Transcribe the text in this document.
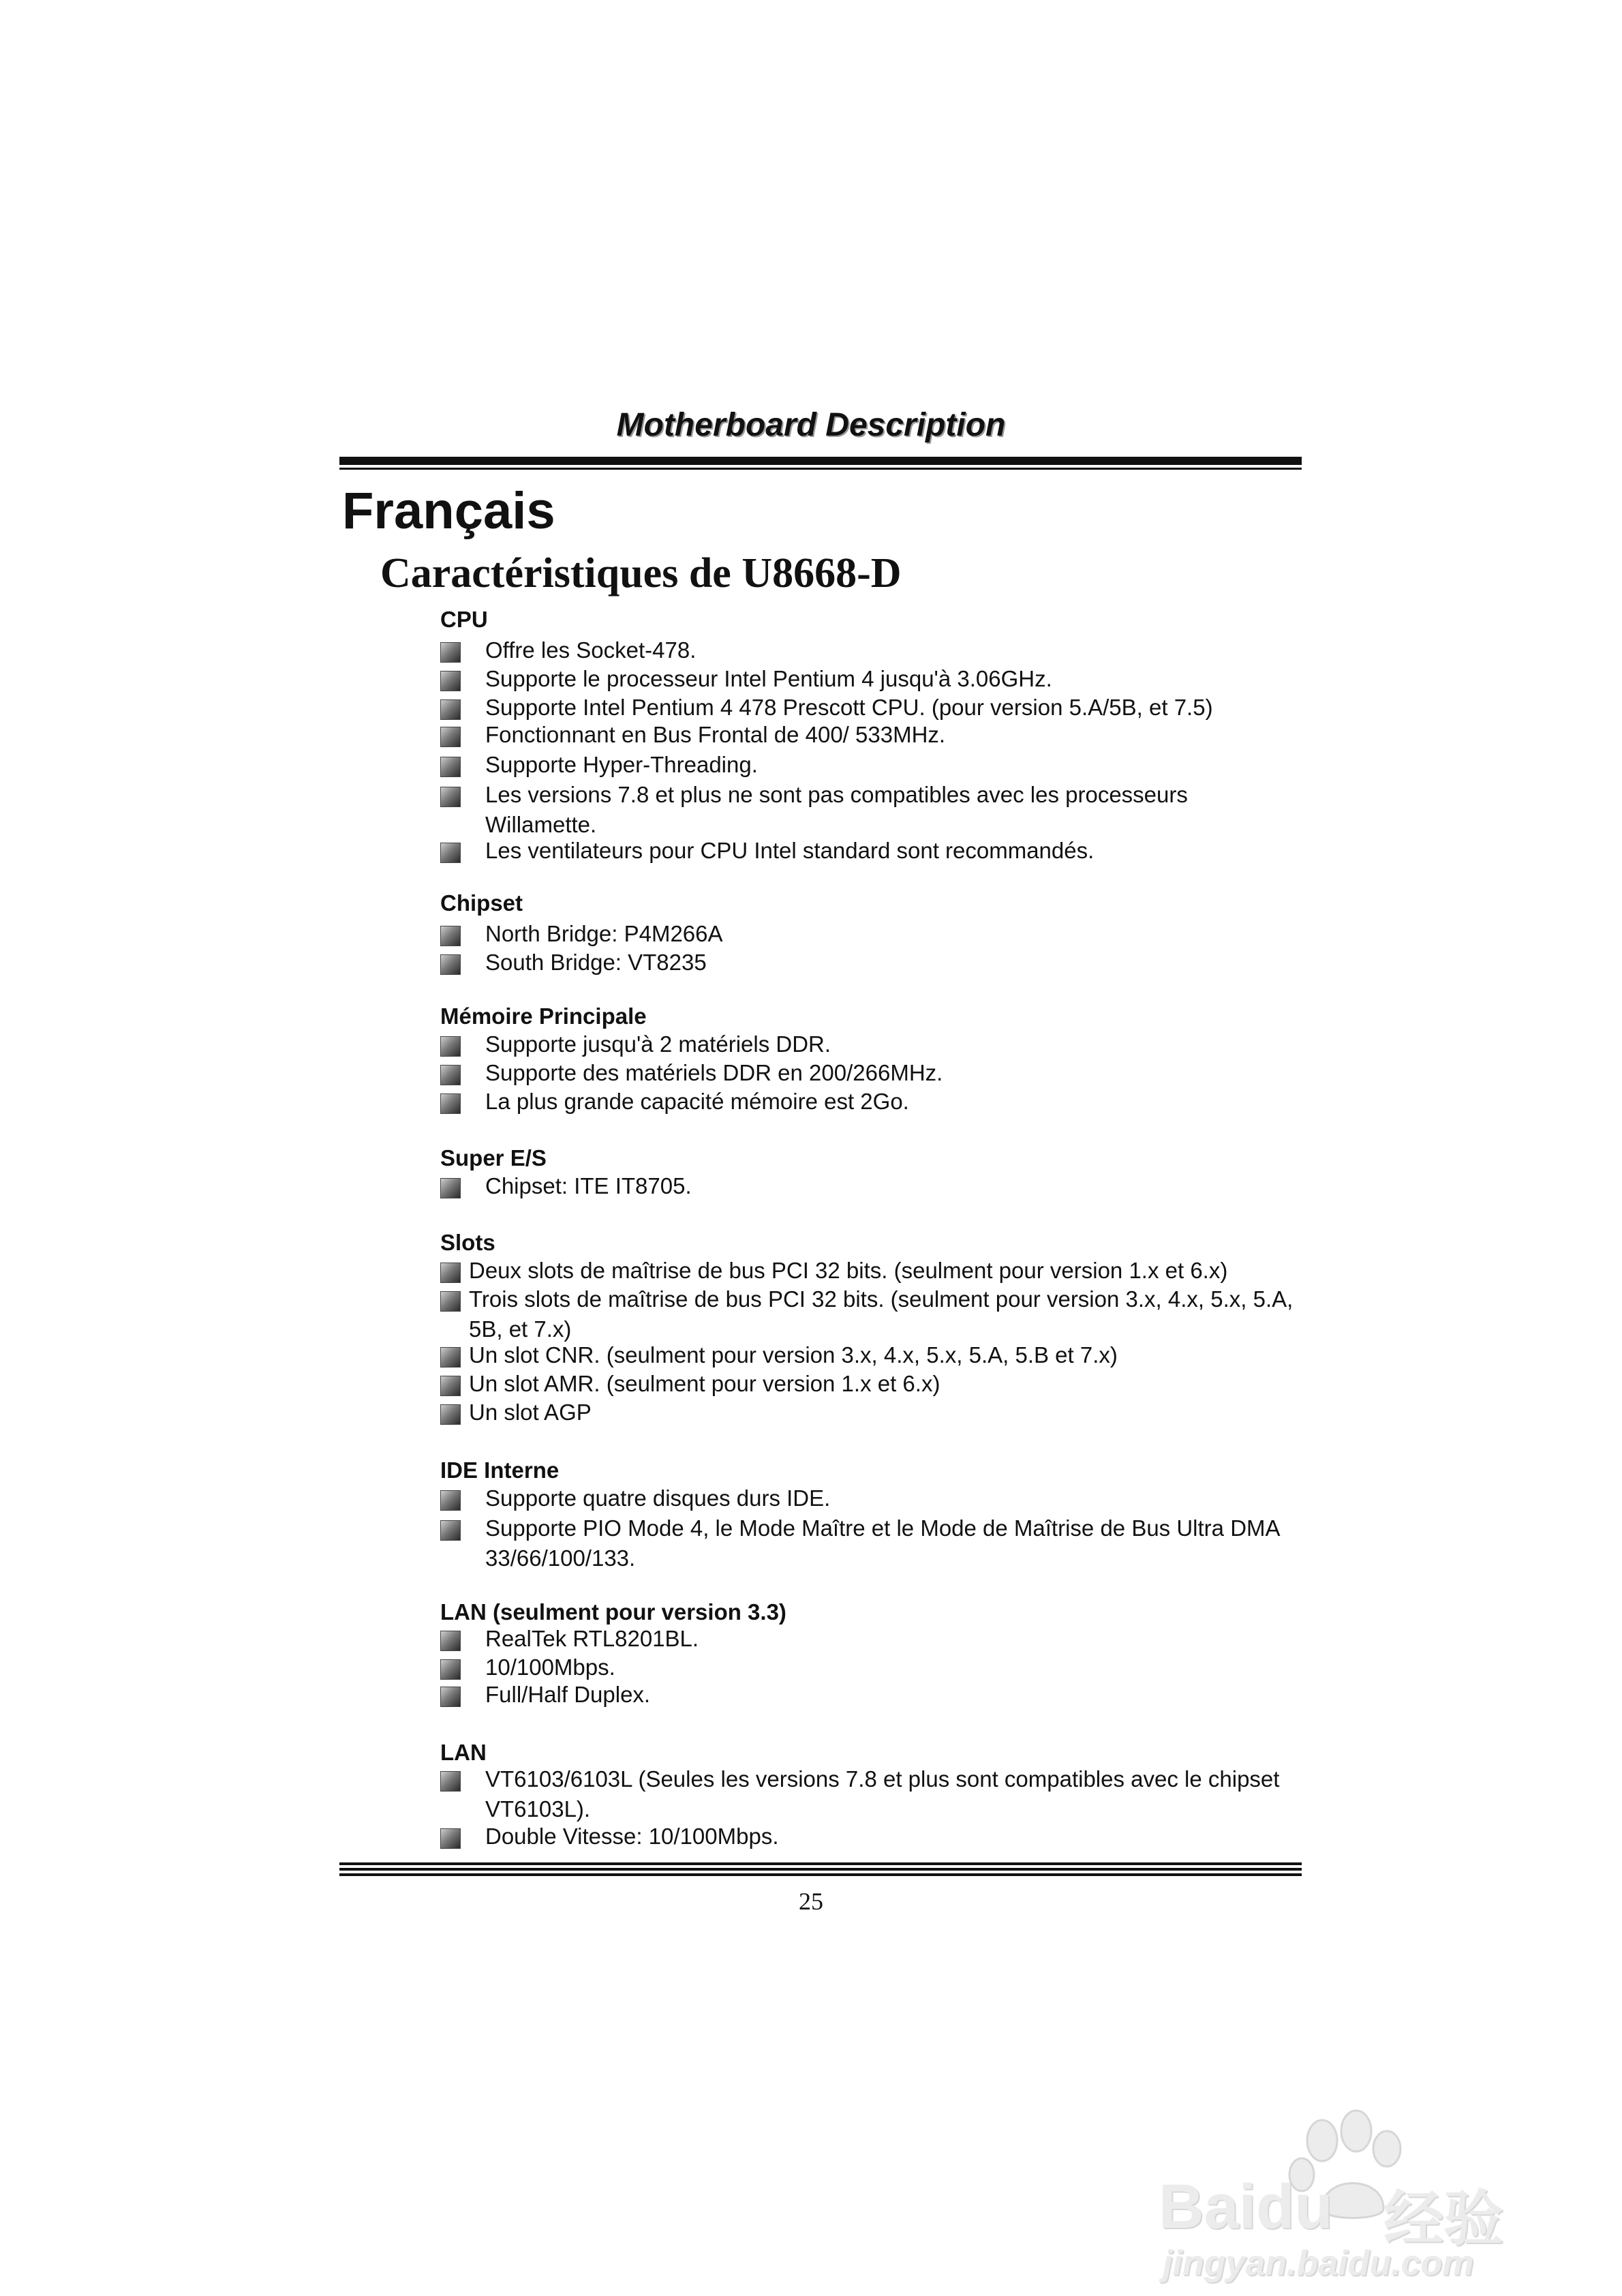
Motherboard Description
Français
Caractéristiques de U8668-D
CPU
Offre les Socket-478.
Supporte le processeur Intel Pentium 4 jusqu'à 3.06GHz.
Supporte Intel Pentium 4 478 Prescott CPU. (pour version 5.A/5B, et 7.5)
Fonctionnant en Bus Frontal de 400/ 533MHz.
Supporte Hyper-Threading.
Les versions 7.8 et plus ne sont pas compatibles avec les processeurs Willamette.
Les ventilateurs pour CPU Intel standard sont recommandés.
Chipset
North Bridge: P4M266A
South Bridge: VT8235
Mémoire Principale
Supporte jusqu'à 2 matériels DDR.
Supporte des matériels DDR en 200/266MHz.
La plus grande capacité mémoire est 2Go.
Super E/S
Chipset: ITE IT8705.
Slots
Deux slots de maîtrise de bus PCI 32 bits. (seulment pour version 1.x et 6.x)
Trois slots de maîtrise de bus PCI 32 bits. (seulment pour version 3.x, 4.x, 5.x, 5.A, 5B, et 7.x)
Un slot CNR. (seulment pour version 3.x, 4.x, 5.x, 5.A, 5.B et 7.x)
Un slot AMR. (seulment pour version 1.x et 6.x)
Un slot AGP
IDE Interne
Supporte quatre disques durs IDE.
Supporte PIO Mode 4, le Mode Maître et le Mode de Maîtrise de Bus Ultra DMA 33/66/100/133.
LAN (seulment pour version 3.3)
RealTek RTL8201BL.
10/100Mbps.
Full/Half Duplex.
LAN
VT6103/6103L (Seules les versions 7.8 et plus sont compatibles avec le chipset VT6103L).
Double Vitesse: 10/100Mbps.
25
Baidu 经验
jingyan.baidu.com
